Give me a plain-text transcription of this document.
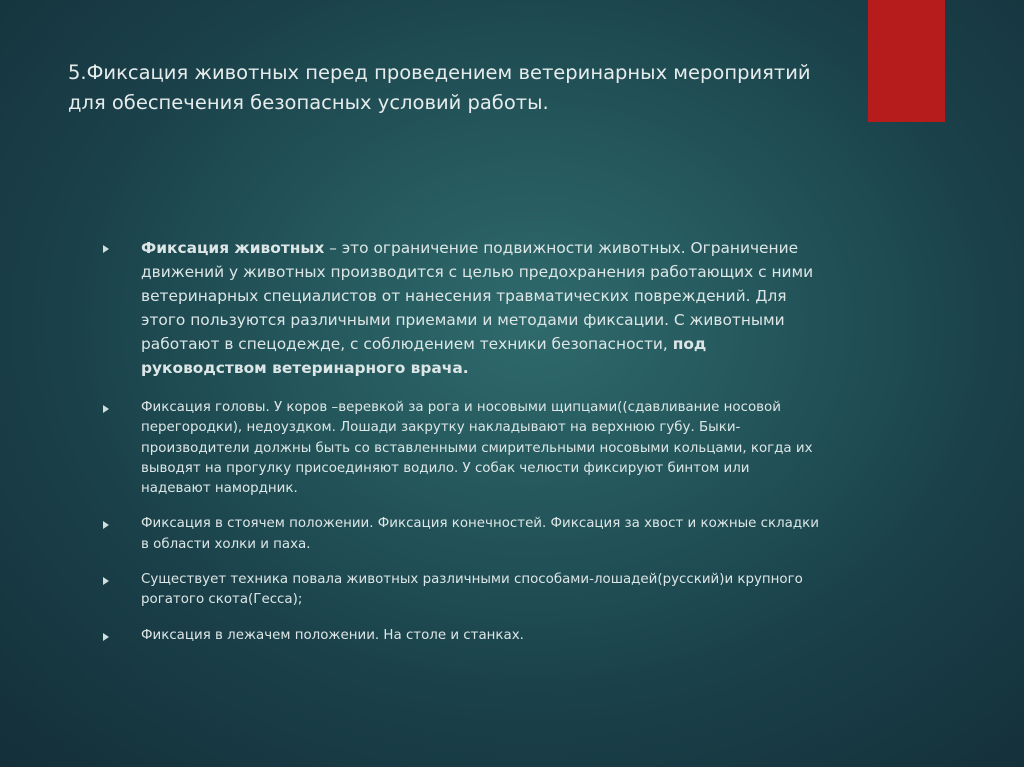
5.Фиксация животных перед проведением ветеринарных мероприятий для обеспечения безопасных условий работы.
Фиксация животных – это ограничение подвижности животных. Ограничение движений у животных производится с целью предохранения работающих с ними ветеринарных специалистов от нанесения травматических повреждений. Для этого пользуются различными приемами и методами фиксации. С животными работают в спецодежде, с соблюдением техники безопасности, под руководством ветеринарного врача.
Фиксация головы. У коров –веревкой за рога и носовыми щипцами((сдавливание носовой перегородки), недоуздком. Лошади закрутку накладывают на верхнюю губу. Быки-производители должны быть со вставленными смирительными носовыми кольцами, когда их выводят на прогулку присоединяют водило. У собак челюсти фиксируют бинтом или надевают намордник.
Фиксация в стоячем положении. Фиксация конечностей. Фиксация за хвост и кожные складки в области холки и паха.
Существует техника повала животных различными способами-лошадей(русский)и крупного рогатого скота(Гесса);
Фиксация в лежачем положении. На столе и станках.
